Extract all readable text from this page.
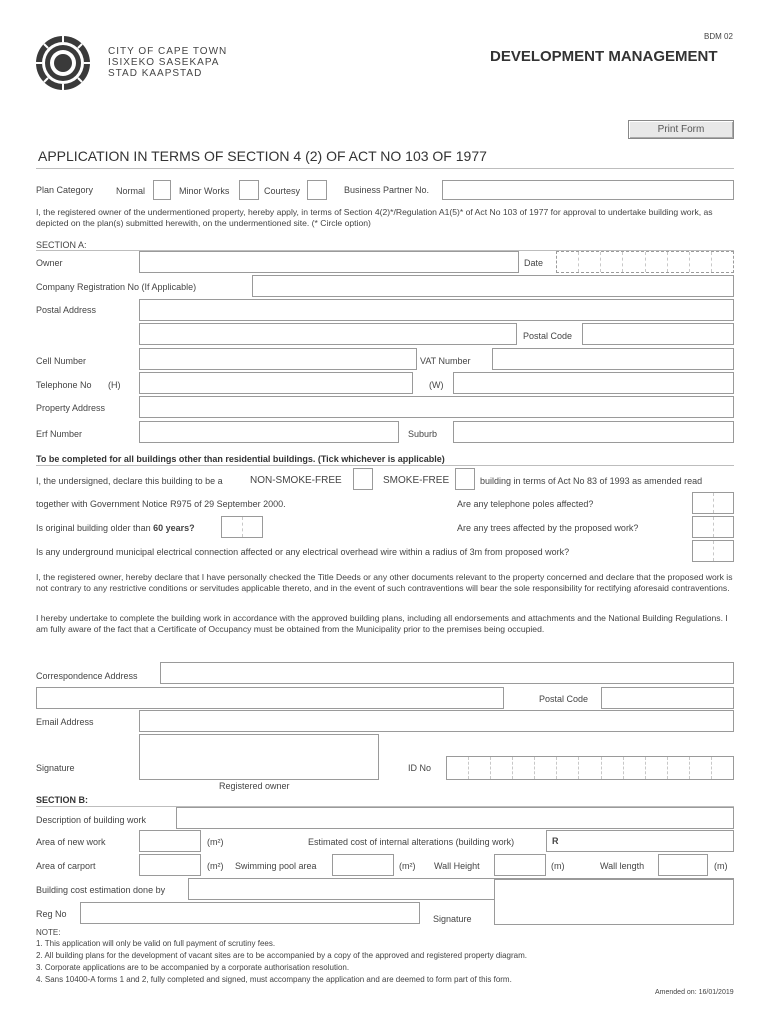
BDM 02
CITY OF CAPE TOWN
ISIXEKO SASEKAPA
STAD KAAPSTAD
DEVELOPMENT MANAGEMENT
Print Form
APPLICATION IN TERMS OF SECTION 4 (2) OF ACT NO 103 OF 1977
Plan Category	Normal	Minor Works	Courtesy	Business Partner No.
I, the registered owner of the undermentioned property, hereby apply, in terms of Section 4(2)*/Regulation A1(5)* of Act No 103 of 1977 for approval to undertake building work, as depicted on the plan(s) submitted herewith, on the undermentioned site. (* Circle option)
SECTION A:
Owner	Date
Company Registration No (If Applicable)
Postal Address
Postal Code
Cell Number	VAT Number
Telephone No (H)	(W)
Property Address
Erf Number	Suburb
To be completed for all buildings other than residential buildings. (Tick whichever is applicable)
I, the undersigned, declare this building to be a	NON-SMOKE-FREE	SMOKE-FREE	building in terms of Act No 83 of 1993 as amended read
together with Government Notice R975 of 29 September 2000.	Are any telephone poles affected?
Is original building older than 60 years?	Are any trees affected by the proposed work?
Is any underground municipal electrical connection affected or any electrical overhead wire within a radius of 3m from proposed work?
I, the registered owner, hereby declare that I have personally checked the Title Deeds or any other documents relevant to the property concerned and declare that the proposed work is not contrary to any restrictive conditions or servitudes applicable thereto, and in the event of such contraventions will bear the sole responsibility for rectifying aforesaid contraventions.
I hereby undertake to complete the building work in accordance with the approved building plans, including all endorsements and attachments and the National Building Regulations. I am fully aware of the fact that a Certificate of Occupancy must be obtained from the Municipality prior to the premises being occupied.
Correspondence Address
Postal Code
Email Address
Signature	ID No
Registered owner
SECTION B:
Description of building work
Area of new work	(m²)	Estimated cost of internal alterations (building work)	R
Area of carport	(m²) Swimming pool area	(m²) Wall Height	(m)	Wall length	(m)
Building cost estimation done by
Reg No	Signature
NOTE:
1. This application will only be valid on full payment of scrutiny fees.
2. All building plans for the development of vacant sites are to be accompanied by a copy of the approved and registered property diagram.
3. Corporate applications are to be accompanied by a corporate authorisation resolution.
4. Sans 10400-A forms 1 and 2, fully completed and signed, must accompany the application and are deemed to form part of this form.
Amended on: 16/01/2019
